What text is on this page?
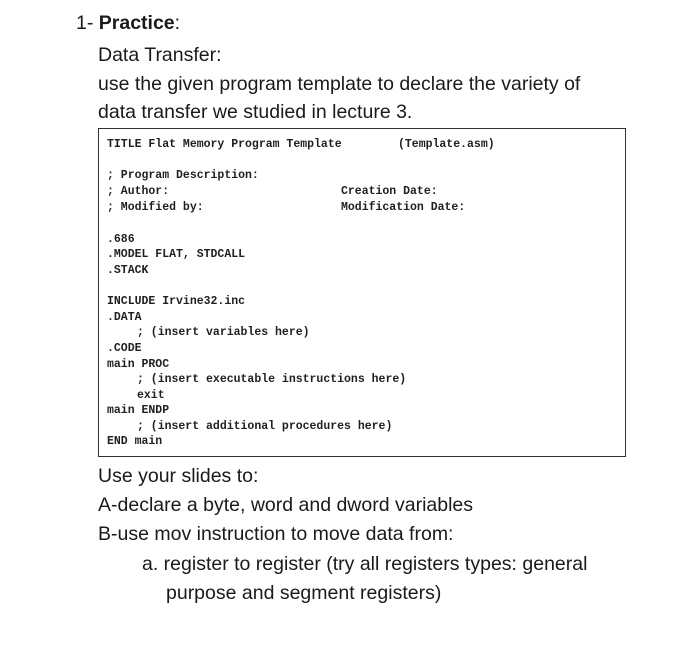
1- Practice:

Data Transfer:

use the given program template to declare the variety of

data transfer we studied in lecture 3.

TITLE Flat Memory Program Template	(Template.asm)

; Program Description:

; Author:	Creation Date:

; Modified by:	Modification Date:

.686

.MODEL FLAT, STDCALL

.STACK

INCLUDE Irvine32.inc

.DATA

; (insert variables here)

.CODE

main PROC

; (insert executable instructions here)

exit

main ENDP

; (insert additional procedures here)

END main

Use your slides to:

A-declare a byte, word and dword variables

B-use mov instruction to move data from:

a. register to register (try all registers types: general

purpose and segment registers)
